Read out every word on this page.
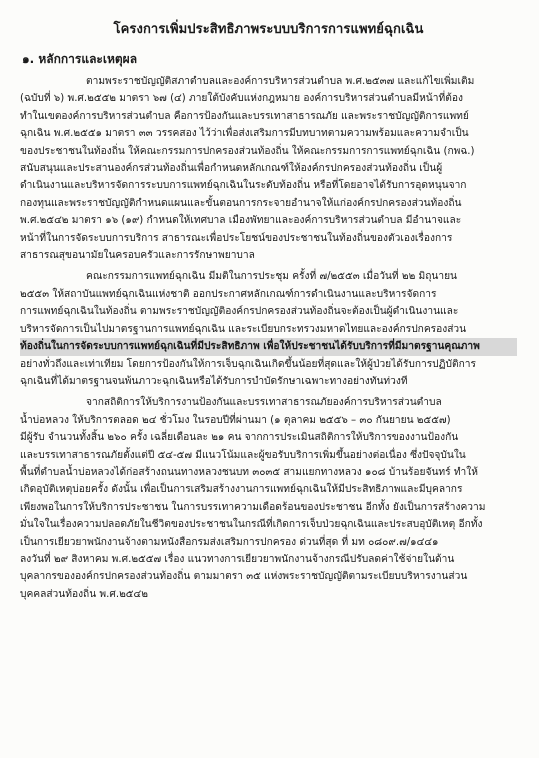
โครงการเพิ่มประสิทธิภาพระบบบริการการแพทย์ฉุกเฉิน
๑. หลักการและเหตุผล
ตามพระราชบัญญัติสภาตำบลและองค์การบริหารส่วนตำบล พ.ศ.๒๕๓๗ และแก้ไขเพิ่มเติม
(ฉบับที่ ๖) พ.ศ.๒๕๕๒ มาตรา ๖๗ (๔) ภายใต้บังคับแห่งกฎหมาย องค์การบริหารส่วนตำบลมีหน้าที่ต้อง
ทำในเขตองค์การบริหารส่วนตำบล คือการป้องกันและบรรเทาสาธารณภัย และพระราชบัญญัติการแพทย์
ฉุกเฉิน พ.ศ.๒๕๕๑ มาตรา ๓๓ วรรคสอง ไว้ว่าเพื่อส่งเสริมการมีบทบาทตามความพร้อมและความจำเป็น
ของประชาชนในท้องถิ่น ให้คณะกรรมการปกครองส่วนท้องถิ่น ให้คณะกรรมการการแพทย์ฉุกเฉิน (กพฉ.)
สนับสนุนและประสานองค์กรส่วนท้องถิ่นเพื่อกำหนดหลักเกณฑ์ให้องค์กรปกครองส่วนท้องถิ่น เป็นผู้
ดำเนินงานและบริหารจัดการระบบการแพทย์ฉุกเฉินในระดับท้องถิ่น หรือที่โดยอาจได้รับการอุดหนุนจาก
กองทุนและพระราชบัญญัติกำหนดแผนและขั้นตอนการกระจายอำนาจให้แก่องค์กรปกครองส่วนท้องถิ่น
พ.ศ.๒๕๔๒ มาตรา ๑๖ (๑๙) กำหนดให้เทศบาล เมืองพัทยาและองค์การบริหารส่วนตำบล มีอำนาจและ
หน้าที่ในการจัดระบบการบริการ สาธารณะเพื่อประโยชน์ของประชาชนในท้องถิ่นของตัวเองเรื่องการ
สาธารณสุขอนามัยในครอบครัวและการรักษาพยาบาล
คณะกรรมการแพทย์ฉุกเฉิน มีมติในการประชุม ครั้งที่ ๗/๒๕๕๓ เมื่อวันที่ ๒๒ มิถุนายน
๒๕๕๓ ให้สถาบันแพทย์ฉุกเฉินแห่งชาติ ออกประกาศหลักเกณฑ์การดำเนินงานและบริหารจัดการ
การแพทย์ฉุกเฉินในท้องถิ่น ตามพระราชบัญญัติองค์กรปกครองส่วนท้องถิ่นจะต้องเป็นผู้ดำเนินงานและ
บริหารจัดการเป็นไปมาตรฐานการแพทย์ฉุกเฉิน และระเบียบกระทรวงมหาดไทยและองค์กรปกครองส่วน
ท้องถิ่นในการจัดระบบการแพทย์ฉุกเฉินที่มีประสิทธิภาพ เพื่อให้ประชาชนได้รับบริการที่มีมาตรฐานคุณภาพ
อย่างทั่วถึงและเท่าเทียม โดยการป้องกันให้การเจ็บฉุกเฉินเกิดขึ้นน้อยที่สุดและให้ผู้ป่วยได้รับการปฏิบัติการ
ฉุกเฉินที่ได้มาตรฐานจนพ้นภาวะฉุกเฉินหรือได้รับการบำบัดรักษาเฉพาะทางอย่างทันท่วงที
จากสถิติการให้บริการงานป้องกันและบรรเทาสาธารณภัยองค์การบริหารส่วนตำบล
น้ำบ่อหลวง ให้บริการตลอด ๒๔ ชั่วโมง ในรอบปีที่ผ่านมา (๑ ตุลาคม ๒๕๕๖ – ๓๐ กันยายน ๒๕๕๗)
มีผู้รับ จำนวนทั้งสิ้น ๒๖๐ ครั้ง เฉลี่ยเดือนละ ๒๑ คน จากการประเมินสถิติการให้บริการของงานป้องกัน
และบรรเทาสาธารณภัยตั้งแต่ปี ๕๔-๕๗ มีแนวโน้มและผู้ขอรับบริการเพิ่มขึ้นอย่างต่อเนื่อง ซึ่งปัจจุบันใน
พื้นที่ตำบลน้ำบ่อหลวงได้ก่อสร้างถนนทางหลวงชนบท ๓๐๓๕ สามแยกทางหลวง ๑๐๘ บ้านร้อยจันทร์ ทำให้
เกิดอุบัติเหตุบ่อยครั้ง ดังนั้น เพื่อเป็นการเสริมสร้างงานการแพทย์ฉุกเฉินให้มีประสิทธิภาพและมีบุคลากร
เพียงพอในการให้บริการประชาชน ในการบรรเทาความเดือดร้อนของประชาชน อีกทั้ง ยังเป็นการสร้างความ
มั่นใจในเรื่องความปลอดภัยในชีวิตของประชาชนในกรณีที่เกิดการเจ็บป่วยฉุกเฉินและประสบอุบัติเหตุ อีกทั้ง
เป็นการเยียวยาพนักงานจ้างตามหนังสือกรมส่งเสริมการปกครอง ด่วนที่สุด ที่ มท ๐๘๐๙.๗/๑๔๔๑
ลงวันที่ ๒๙ สิงหาคม พ.ศ.๒๕๕๗ เรื่อง แนวทางการเยียวยาพนักงานจ้างกรณีปรับลดค่าใช้จ่ายในด้าน
บุคลากรขององค์กรปกครองส่วนท้องถิ่น ตามมาตรา ๓๕ แห่งพระราชบัญญัติตามระเบียบบริหารงานส่วน
บุคคลส่วนท้องถิ่น พ.ศ.๒๕๔๒
